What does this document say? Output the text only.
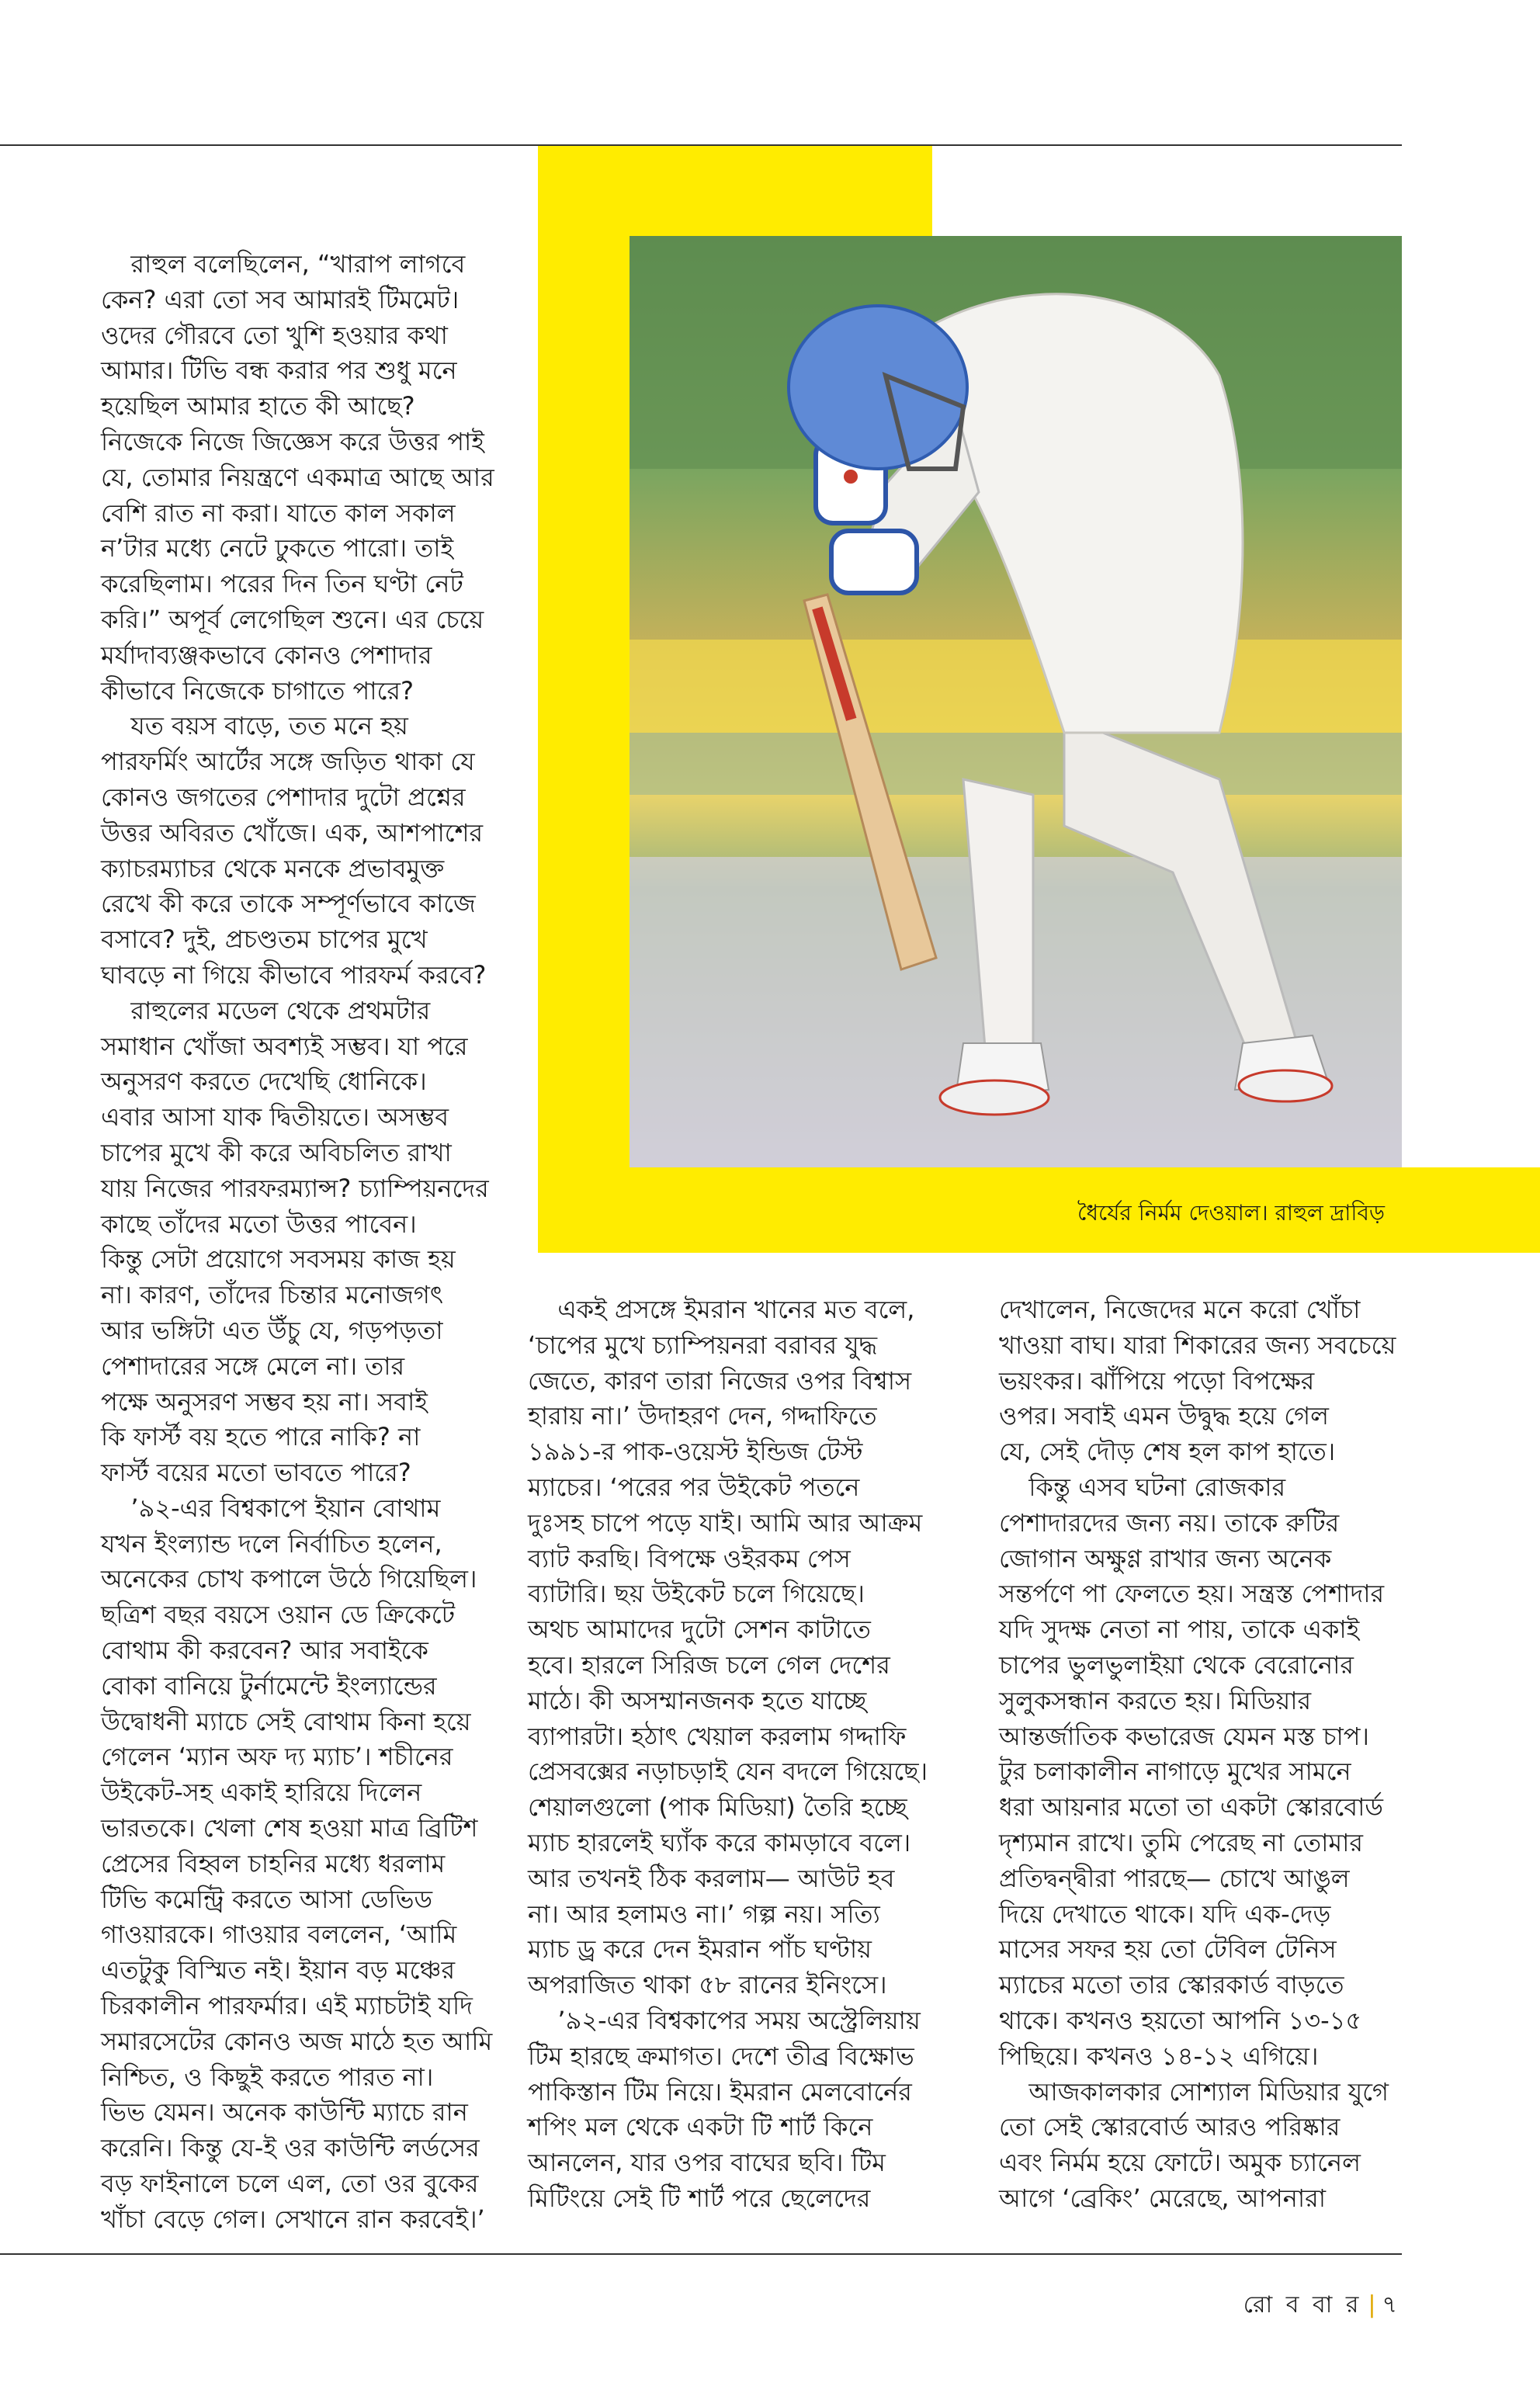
ধৈর্যের নির্মম দেওয়াল। রাহুল দ্রাবিড়

রাহুল বলেছিলেন, “খারাপ লাগবে

কেন? এরা তো সব আমারই টিমমেট।

ওদের গৌরবে তো খুশি হওয়ার কথা

আমার। টিভি বন্ধ করার পর শুধু মনে

হয়েছিল আমার হাতে কী আছে?

নিজেকে নিজে জিজ্ঞেস করে উত্তর পাই

যে, তোমার নিয়ন্ত্রণে একমাত্র আছে আর

বেশি রাত না করা। যাতে কাল সকাল

ন’টার মধ্যে নেটে ঢুকতে পারো। তাই

করেছিলাম। পরের দিন তিন ঘণ্টা নেট

করি।” অপূর্ব লেগেছিল শুনে। এর চেয়ে

মর্যাদাব্যঞ্জকভাবে কোনও পেশাদার

কীভাবে নিজেকে চাগাতে পারে?

যত বয়স বাড়ে, তত মনে হয়

পারফর্মিং আর্টের সঙ্গে জড়িত থাকা যে

কোনও জগতের পেশাদার দুটো প্রশ্নের

উত্তর অবিরত খোঁজে। এক, আশপাশের

ক্যাচরম্যাচর থেকে মনকে প্রভাবমুক্ত

রেখে কী করে তাকে সম্পূর্ণভাবে কাজে

বসাবে? দুই, প্রচণ্ডতম চাপের মুখে

ঘাবড়ে না গিয়ে কীভাবে পারফর্ম করবে?

রাহুলের মডেল থেকে প্রথমটার

সমাধান খোঁজা অবশ্যই সম্ভব। যা পরে

অনুসরণ করতে দেখেছি ধোনিকে।

এবার আসা যাক দ্বিতীয়তে। অসম্ভব

চাপের মুখে কী করে অবিচলিত রাখা

যায় নিজের পারফরম্যান্স? চ্যাম্পিয়নদের

কাছে তাঁদের মতো উত্তর পাবেন।

কিন্তু সেটা প্রয়োগে সবসময় কাজ হয়

না। কারণ, তাঁদের চিন্তার মনোজগৎ

আর ভঙ্গিটা এত উঁচু যে, গড়পড়তা

পেশাদারের সঙ্গে মেলে না। তার

পক্ষে অনুসরণ সম্ভব হয় না। সবাই

কি ফার্স্ট বয় হতে পারে নাকি? না

ফার্স্ট বয়ের মতো ভাবতে পারে?

’৯২-এর বিশ্বকাপে ইয়ান বোথাম

যখন ইংল্যান্ড দলে নির্বাচিত হলেন,

অনেকের চোখ কপালে উঠে গিয়েছিল।

ছত্রিশ বছর বয়সে ওয়ান ডে ক্রিকেটে

বোথাম কী করবেন? আর সবাইকে

বোকা বানিয়ে টুর্নামেন্টে ইংল্যান্ডের

উদ্বোধনী ম্যাচে সেই বোথাম কিনা হয়ে

গেলেন ‘ম্যান অফ দ্য ম্যাচ’। শচীনের

উইকেট-সহ একাই হারিয়ে দিলেন

ভারতকে। খেলা শেষ হওয়া মাত্র ব্রিটিশ

প্রেসের বিহ্বল চাহনির মধ্যে ধরলাম

টিভি কমেন্ট্রি করতে আসা ডেভিড

গাওয়ারকে। গাওয়ার বললেন, ‘আমি

এতটুকু বিস্মিত নই। ইয়ান বড় মঞ্চের

চিরকালীন পারফর্মার। এই ম্যাচটাই যদি

সমারসেটের কোনও অজ মাঠে হত আমি

নিশ্চিত, ও কিছুই করতে পারত না।

ভিভ যেমন। অনেক কাউন্টি ম্যাচে রান

করেনি। কিন্তু যে-ই ওর কাউন্টি লর্ডসের

বড় ফাইনালে চলে এল, তো ওর বুকের

খাঁচা বেড়ে গেল। সেখানে রান করবেই।’

একই প্রসঙ্গে ইমরান খানের মত বলে,

‘চাপের মুখে চ্যাম্পিয়নরা বরাবর যুদ্ধ

জেতে, কারণ তারা নিজের ওপর বিশ্বাস

হারায় না।’ উদাহরণ দেন, গদ্দাফিতে

১৯৯১-র পাক-ওয়েস্ট ইন্ডিজ টেস্ট

ম্যাচের। ‘পরের পর উইকেট পতনে

দুঃসহ চাপে পড়ে যাই। আমি আর আক্রম

ব্যাট করছি। বিপক্ষে ওইরকম পেস

ব্যাটারি। ছয় উইকেট চলে গিয়েছে।

অথচ আমাদের দুটো সেশন কাটাতে

হবে। হারলে সিরিজ চলে গেল দেশের

মাঠে। কী অসম্মানজনক হতে যাচ্ছে

ব্যাপারটা। হঠাৎ খেয়াল করলাম গদ্দাফি

প্রেসবক্সের নড়াচড়াই যেন বদলে গিয়েছে।

শেয়ালগুলো (পাক মিডিয়া) তৈরি হচ্ছে

ম্যাচ হারলেই ঘ্যাঁক করে কামড়াবে বলে।

আর তখনই ঠিক করলাম— আউট হব

না। আর হলামও না।’ গল্প নয়। সত্যি

ম্যাচ ড্র করে দেন ইমরান পাঁচ ঘণ্টায়

অপরাজিত থাকা ৫৮ রানের ইনিংসে।

’৯২-এর বিশ্বকাপের সময় অস্ট্রেলিয়ায়

টিম হারছে ক্রমাগত। দেশে তীব্র বিক্ষোভ

পাকিস্তান টিম নিয়ে। ইমরান মেলবোর্নের

শপিং মল থেকে একটা টি শার্ট কিনে

আনলেন, যার ওপর বাঘের ছবি। টিম

মিটিংয়ে সেই টি শার্ট পরে ছেলেদের

দেখালেন, নিজেদের মনে করো খোঁচা

খাওয়া বাঘ। যারা শিকারের জন্য সবচেয়ে

ভয়ংকর। ঝাঁপিয়ে পড়ো বিপক্ষের

ওপর। সবাই এমন উদ্বুদ্ধ হয়ে গেল

যে, সেই দৌড় শেষ হল কাপ হাতে।

কিন্তু এসব ঘটনা রোজকার

পেশাদারদের জন্য নয়। তাকে রুটির

জোগান অক্ষুণ্ণ রাখার জন্য অনেক

সন্তর্পণে পা ফেলতে হয়। সন্ত্রস্ত পেশাদার

যদি সুদক্ষ নেতা না পায়, তাকে একাই

চাপের ভুলভুলাইয়া থেকে বেরোনোর

সুলুকসন্ধান করতে হয়। মিডিয়ার

আন্তর্জাতিক কভারেজ যেমন মস্ত চাপ।

টুর চলাকালীন নাগাড়ে মুখের সামনে

ধরা আয়নার মতো তা একটা স্কোরবোর্ড

দৃশ্যমান রাখে। তুমি পেরেছ না তোমার

প্রতিদ্বন্দ্বীরা পারছে— চোখে আঙুল

দিয়ে দেখাতে থাকে। যদি এক-দেড়

মাসের সফর হয় তো টেবিল টেনিস

ম্যাচের মতো তার স্কোরকার্ড বাড়তে

থাকে। কখনও হয়তো আপনি ১৩-১৫

পিছিয়ে। কখনও ১৪-১২ এগিয়ে।

আজকালকার সোশ্যাল মিডিয়ার যুগে

তো সেই স্কোরবোর্ড আরও পরিষ্কার

এবং নির্মম হয়ে ফোটে। অমুক চ্যানেল

আগে ‘ব্রেকিং’ মেরেছে, আপনারা

রো ব বা র | ৭
